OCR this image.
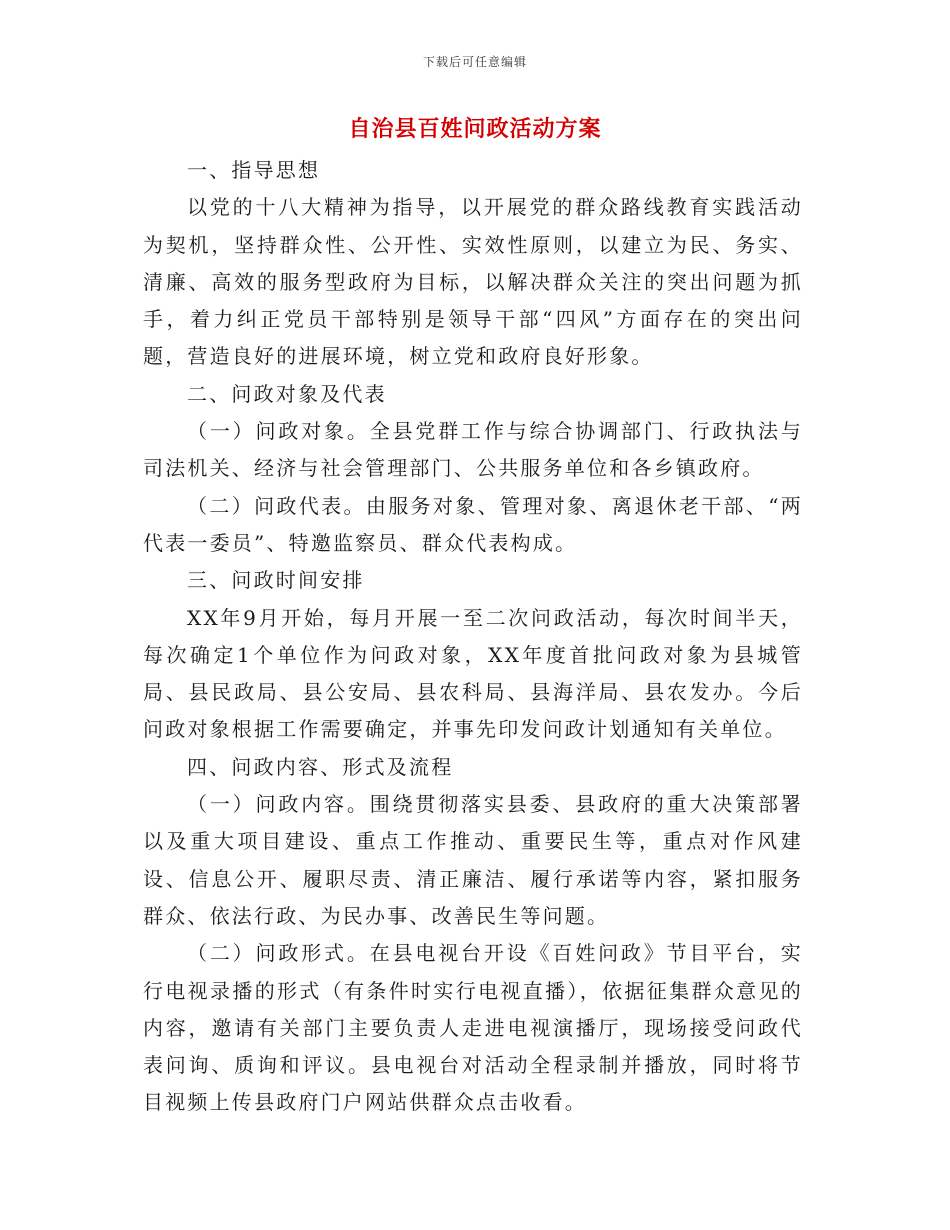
下载后可任意编辑
自治县百姓问政活动方案

一、指导思想

以党的十八大精神为指导，以开展党的群众路线教育实践活动为契机，坚持群众性、公开性、实效性原则，以建立为民、务实、清廉、高效的服务型政府为目标，以解决群众关注的突出问题为抓手，着力纠正党员干部特别是领导干部“四风”方面存在的突出问题，营造良好的进展环境，树立党和政府良好形象。

二、问政对象及代表

（一）问政对象。全县党群工作与综合协调部门、行政执法与司法机关、经济与社会管理部门、公共服务单位和各乡镇政府。

（二）问政代表。由服务对象、管理对象、离退休老干部、“两代表一委员”、特邀监察员、群众代表构成。

三、问政时间安排

XX年9月开始，每月开展一至二次问政活动，每次时间半天，每次确定1个单位作为问政对象，XX年度首批问政对象为县城管局、县民政局、县公安局、县农科局、县海洋局、县农发办。今后问政对象根据工作需要确定，并事先印发问政计划通知有关单位。

四、问政内容、形式及流程

（一）问政内容。围绕贯彻落实县委、县政府的重大决策部署以及重大项目建设、重点工作推动、重要民生等，重点对作风建设、信息公开、履职尽责、清正廉洁、履行承诺等内容，紧扣服务群众、依法行政、为民办事、改善民生等问题。

（二）问政形式。在县电视台开设《百姓问政》节目平台，实行电视录播的形式（有条件时实行电视直播），依据征集群众意见的内容，邀请有关部门主要负责人走进电视演播厅，现场接受问政代表问询、质询和评议。县电视台对活动全程录制并播放，同时将节目视频上传县政府门户网站供群众点击收看。
